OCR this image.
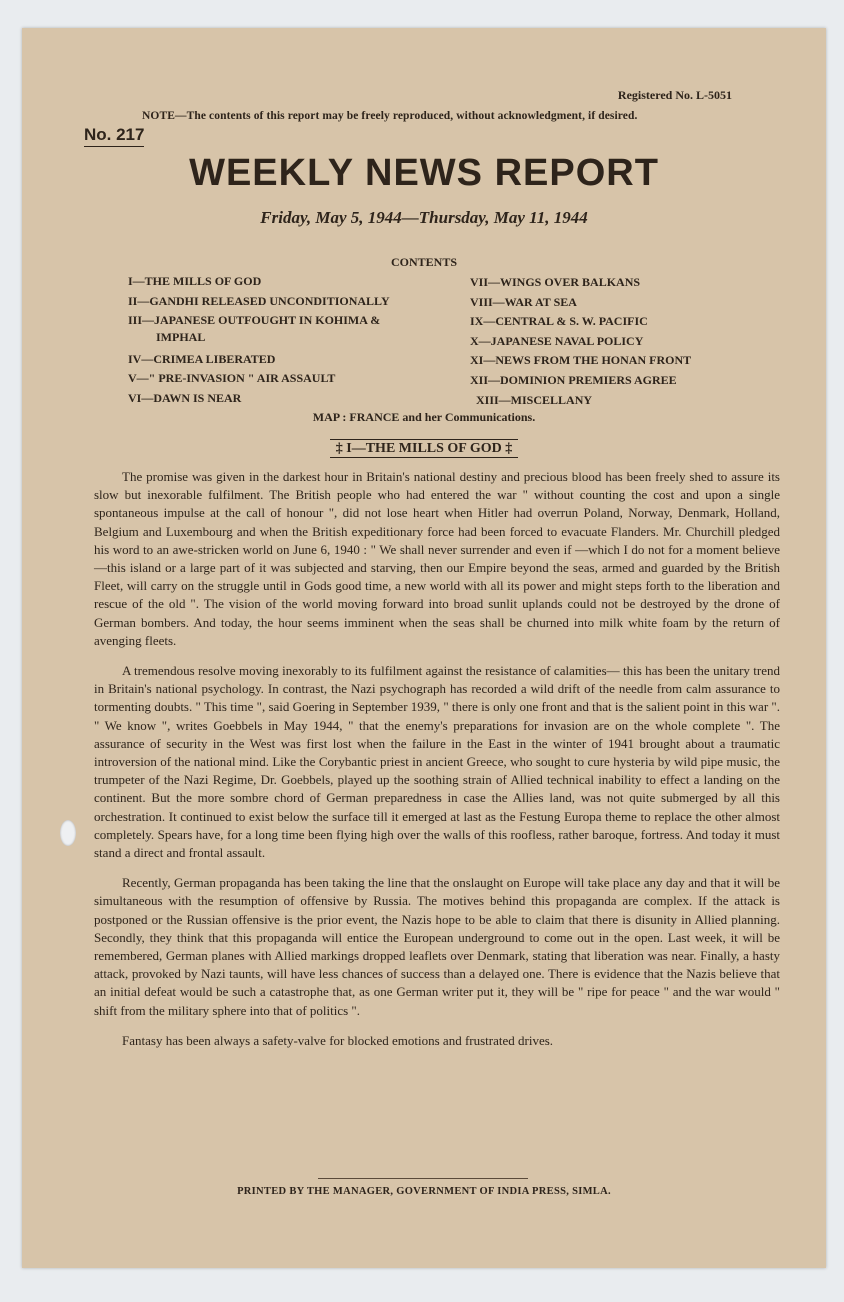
Registered No. L-5051
NOTE—The contents of this report may be freely reproduced, without acknowledgment, if desired.
No. 217
WEEKLY NEWS REPORT
Friday, May 5, 1944—Thursday, May 11, 1944
CONTENTS
I—THE MILLS OF GOD
II—GANDHI RELEASED UNCONDITIONALLY
III—JAPANESE OUTFOUGHT IN KOHIMA &
IMPHAL
IV—CRIMEA LIBERATED
V—" PRE-INVASION " AIR ASSAULT
VI—DAWN IS NEAR
VII—WINGS OVER BALKANS
VIII—WAR AT SEA
IX—CENTRAL & S. W. PACIFIC
X—JAPANESE NAVAL POLICY
XI—NEWS FROM THE HONAN FRONT
XII—DOMINION PREMIERS AGREE
XIII—MISCELLANY
MAP : FRANCE and her Communications.
‡ I—THE MILLS OF GOD ‡

The promise was given in the darkest hour in Britain's national destiny and precious blood has been freely shed to assure its slow but inexorable fulfilment. The British people who had entered the war " without counting the cost and upon a single spontaneous impulse at the call of honour ", did not lose heart when Hitler had overrun Poland, Norway, Denmark, Holland, Belgium and Luxembourg and when the British expeditionary force had been forced to evacuate Flanders. Mr. Churchill pledged his word to an awe-stricken world on June 6, 1940 : " We shall never surrender and even if —which I do not for a moment believe—this island or a large part of it was subjected and starving, then our Empire beyond the seas, armed and guarded by the British Fleet, will carry on the struggle until in Gods good time, a new world with all its power and might steps forth to the liberation and rescue of the old ". The vision of the world moving forward into broad sunlit uplands could not be destroyed by the drone of German bombers. And today, the hour seems imminent when the seas shall be churned into milk white foam by the return of avenging fleets.

A tremendous resolve moving inexorably to its fulfilment against the resistance of calamities— this has been the unitary trend in Britain's national psychology. In contrast, the Nazi psychograph has recorded a wild drift of the needle from calm assurance to tormenting doubts. " This time ", said Goering in September 1939, " there is only one front and that is the salient point in this war ". " We know ", writes Goebbels in May 1944, " that the enemy's preparations for invasion are on the whole complete ". The assurance of security in the West was first lost when the failure in the East in the winter of 1941 brought about a traumatic introversion of the national mind. Like the Corybantic priest in ancient Greece, who sought to cure hysteria by wild pipe music, the trumpeter of the Nazi Regime, Dr. Goebbels, played up the soothing strain of Allied technical inability to effect a landing on the continent. But the more sombre chord of German preparedness in case the Allies land, was not quite submerged by all this orchestration. It continued to exist below the surface till it emerged at last as the Festung Europa theme to replace the other almost completely. Spears have, for a long time been flying high over the walls of this roofless, rather baroque, fortress. And today it must stand a direct and frontal assault.

Recently, German propaganda has been taking the line that the onslaught on Europe will take place any day and that it will be simultaneous with the resumption of offensive by Russia. The motives behind this propaganda are complex. If the attack is postponed or the Russian offensive is the prior event, the Nazis hope to be able to claim that there is disunity in Allied planning. Secondly, they think that this propaganda will entice the European underground to come out in the open. Last week, it will be remembered, German planes with Allied markings dropped leaflets over Denmark, stating that liberation was near. Finally, a hasty attack, provoked by Nazi taunts, will have less chances of success than a delayed one. There is evidence that the Nazis believe that an initial defeat would be such a catastrophe that, as one German writer put it, they will be " ripe for peace " and the war would " shift from the military sphere into that of politics ".

Fantasy has been always a safety-valve for blocked emotions and frustrated drives.

PRINTED BY THE MANAGER, GOVERNMENT OF INDIA PRESS, SIMLA.
